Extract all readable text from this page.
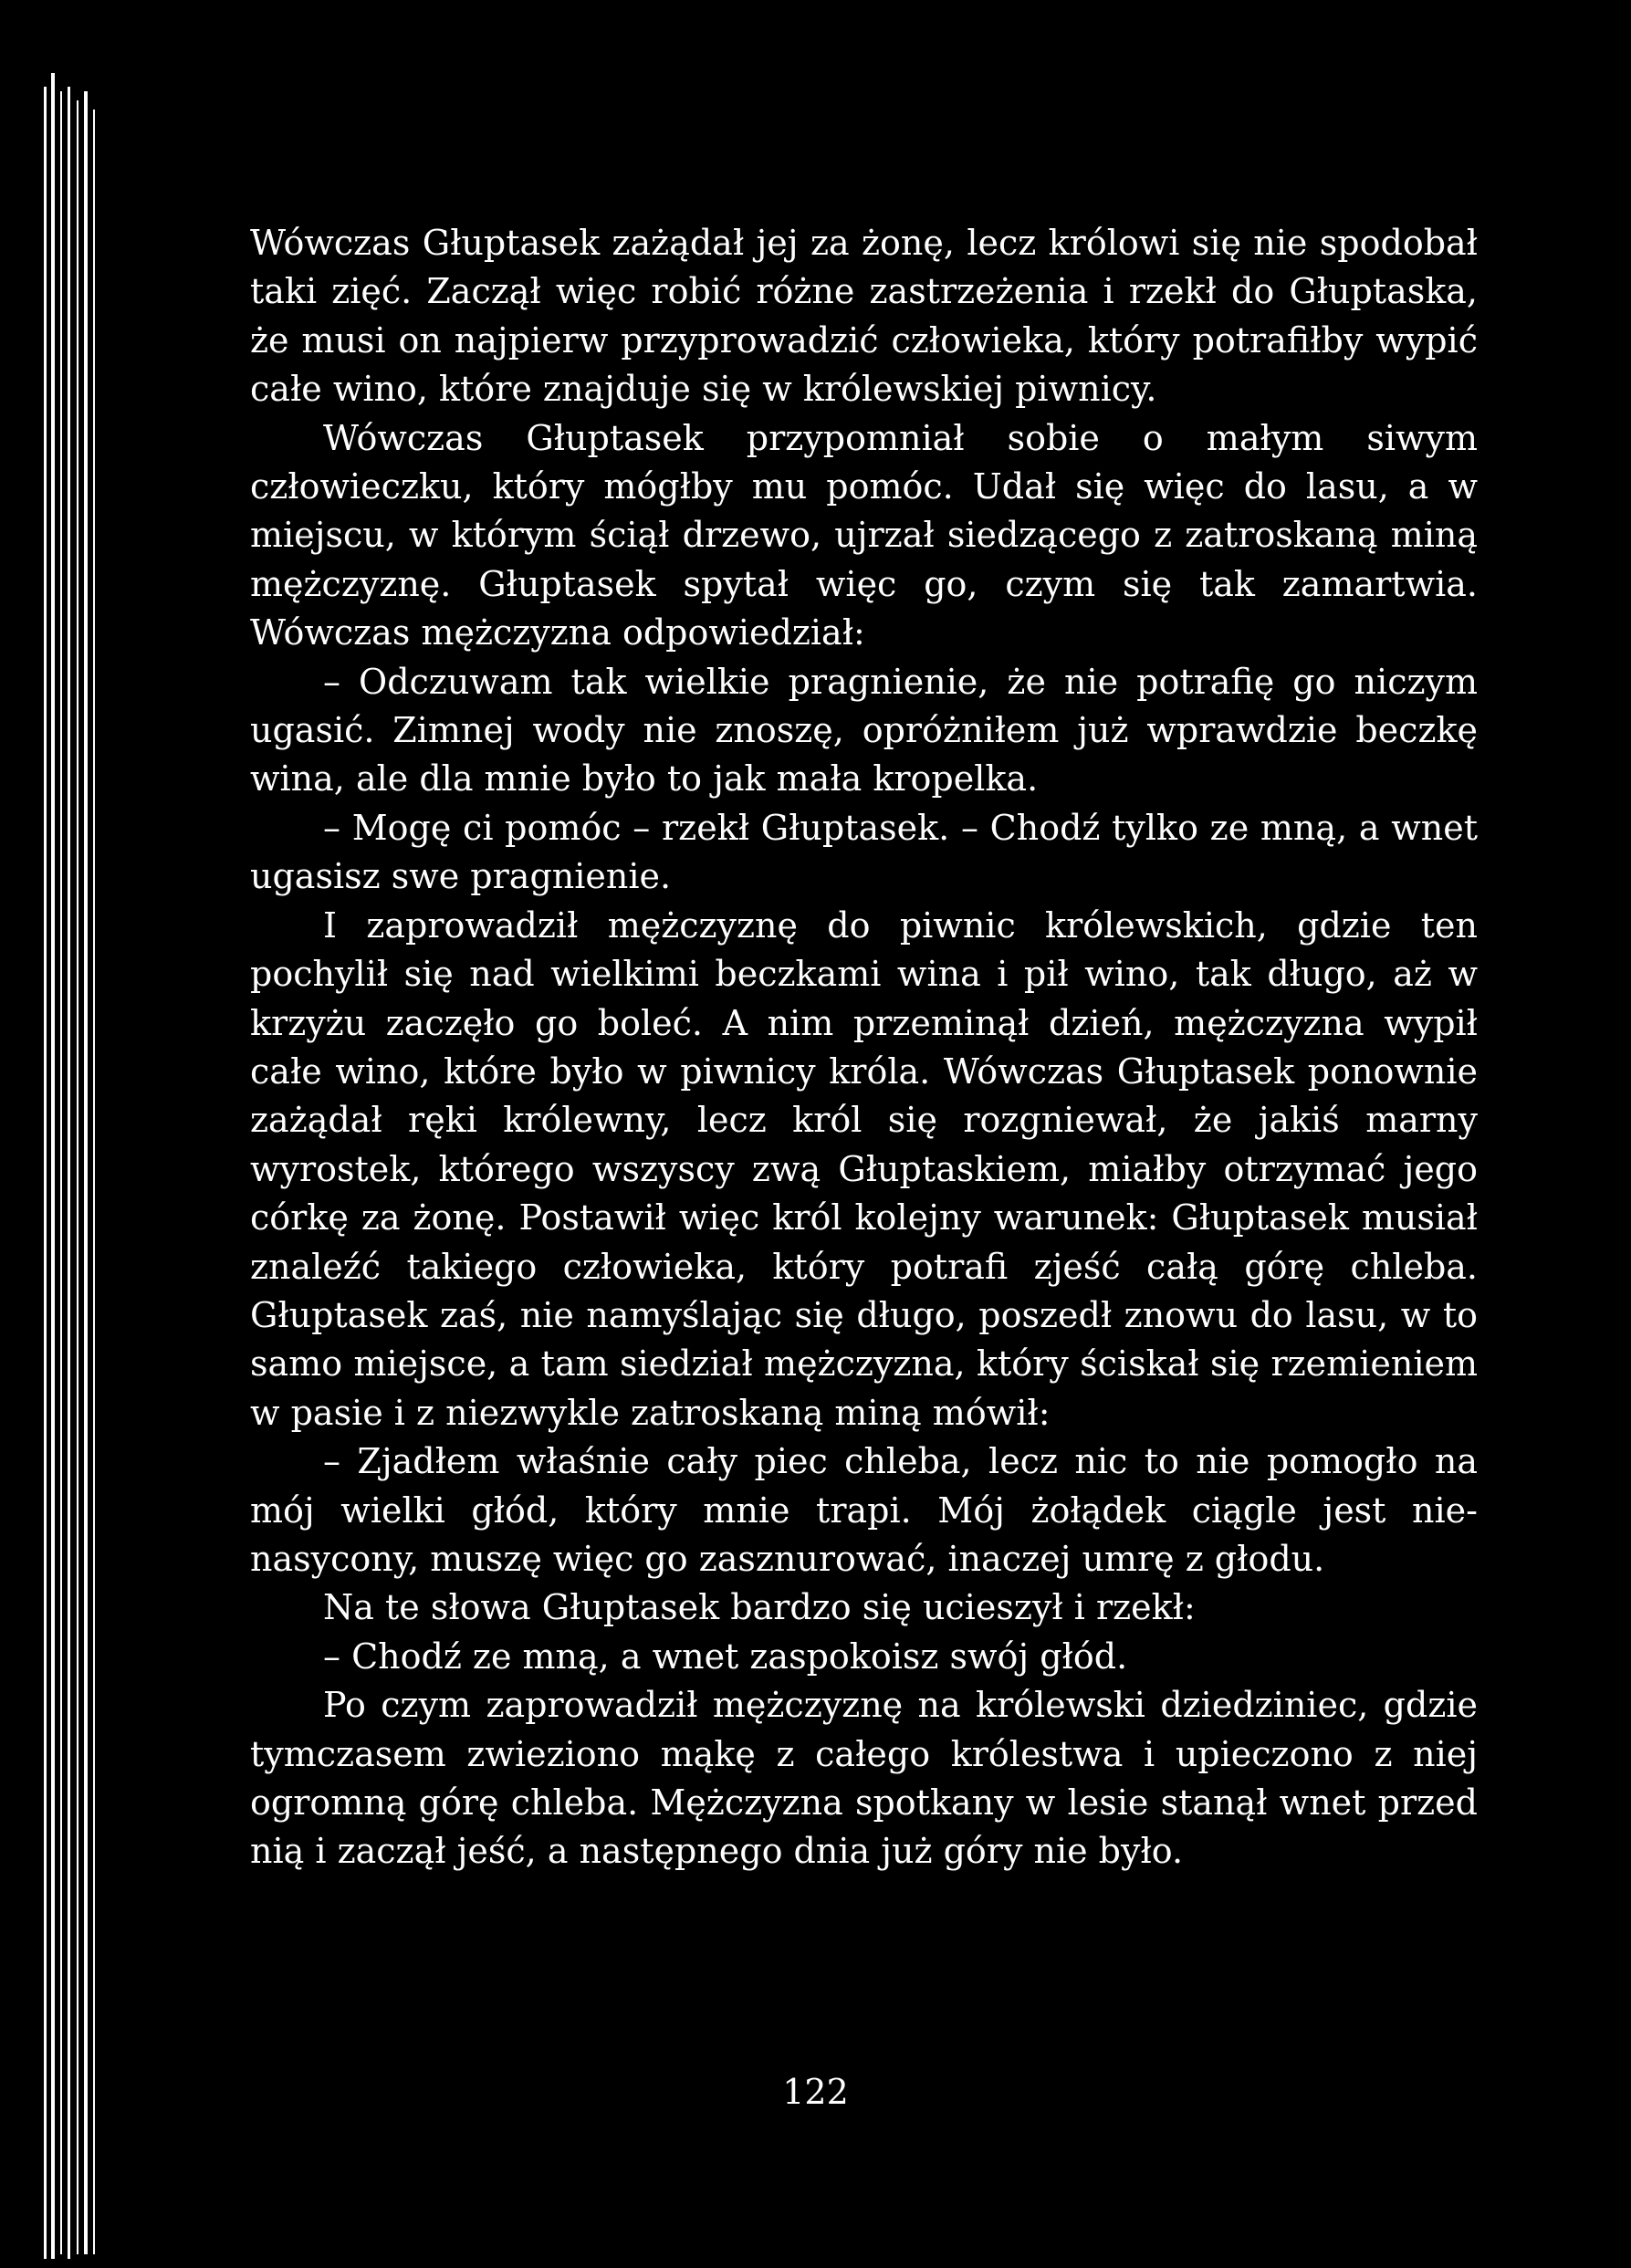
Wówczas Głuptasek zażądał jej za żonę, lecz królowi się nie spodobał taki zięć. Zaczął więc robić różne zastrzeżenia i rzekł do Głuptaska, że musi on najpierw przyprowadzić człowieka, który potrafiłby wypić całe wino, które znajduje się w królewskiej piwnicy.

Wówczas Głuptasek przypomniał sobie o małym siwym człowieczku, który mógłby mu pomóc. Udał się więc do lasu, a w miejscu, w którym ściął drzewo, ujrzał siedzącego z zatroskaną miną mężczyznę. Głuptasek spytał więc go, czym się tak zamartwia. Wówczas mężczyzna odpowiedział:

– Odczuwam tak wielkie pragnienie, że nie potrafię go niczym ugasić. Zimnej wody nie znoszę, opróżniłem już wprawdzie beczkę wina, ale dla mnie było to jak mała kropelka.

– Mogę ci pomóc – rzekł Głuptasek. – Chodź tylko ze mną, a wnet ugasisz swe pragnienie.

I zaprowadził mężczyznę do piwnic królewskich, gdzie ten pochylił się nad wielkimi beczkami wina i pił wino, tak długo, aż w krzyżu zaczęło go boleć. A nim przeminął dzień, mężczyzna wypił całe wino, które było w piwnicy króla. Wówczas Głuptasek ponownie zażądał ręki królewny, lecz król się rozgniewał, że jakiś marny wyrostek, którego wszyscy zwą Głuptaskiem, miałby otrzymać jego córkę za żonę. Postawił więc król kolejny warunek: Głuptasek musiał znaleźć takiego człowieka, który potrafi zjeść całą górę chleba. Głuptasek zaś, nie namyślając się długo, poszedł znowu do lasu, w to samo miejsce, a tam siedział mężczyzna, który ściskał się rzemieniem w pasie i z niezwykle zatroskaną miną mówił:

– Zjadłem właśnie cały piec chleba, lecz nic to nie pomogło na mój wielki głód, który mnie trapi. Mój żołądek ciągle jest nienasycony, muszę więc go zasznurować, inaczej umrę z głodu.

Na te słowa Głuptasek bardzo się ucieszył i rzekł:

– Chodź ze mną, a wnet zaspokoisz swój głód.

Po czym zaprowadził mężczyznę na królewski dziedziniec, gdzie tymczasem zwieziono mąkę z całego królestwa i upieczono z niej ogromną górę chleba. Mężczyzna spotkany w lesie stanął wnet przed nią i zaczął jeść, a następnego dnia już góry nie było.

122
